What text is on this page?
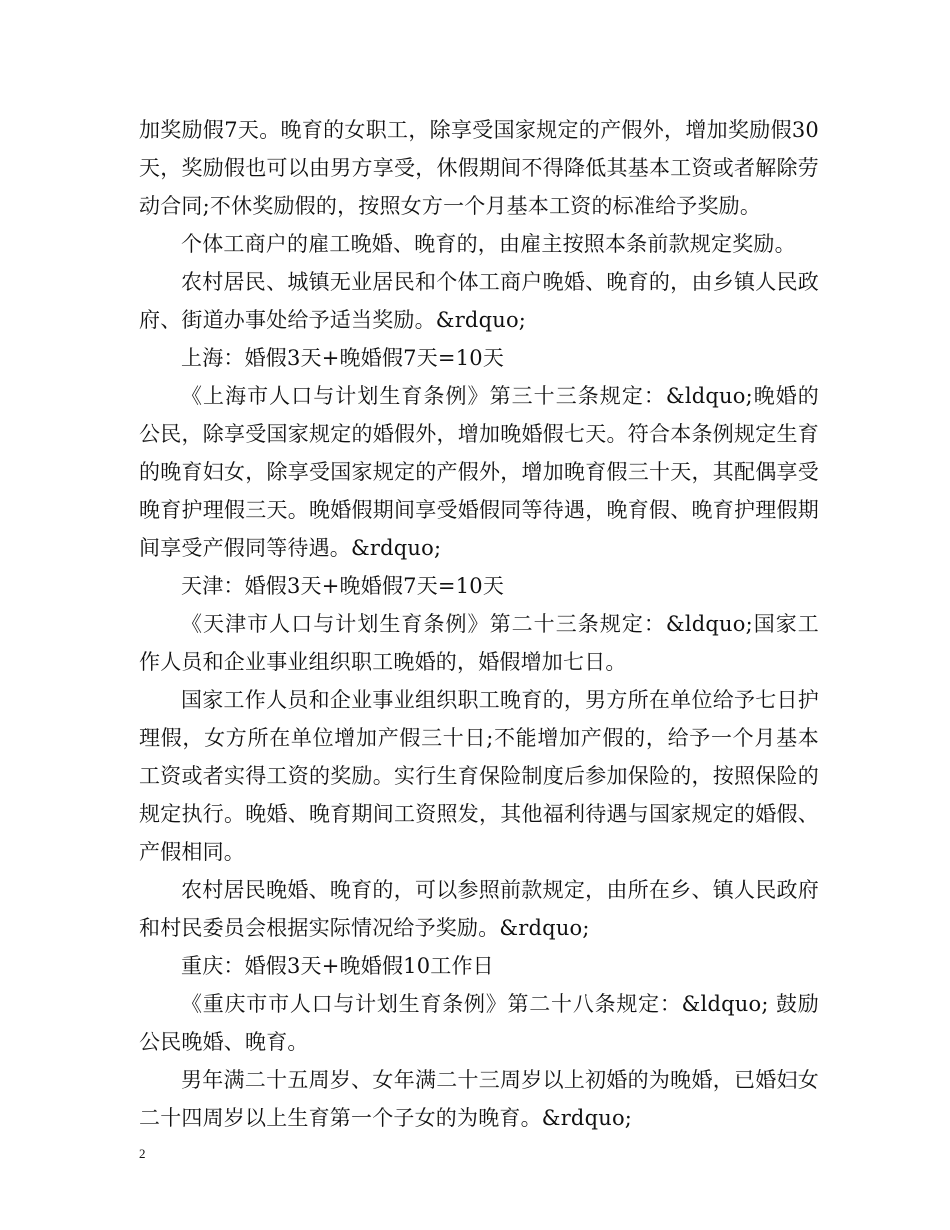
加奖励假7天。晚育的女职工，除享受国家规定的产假外，增加奖励假30天，奖励假也可以由男方享受，休假期间不得降低其基本工资或者解除劳动合同;不休奖励假的，按照女方一个月基本工资的标准给予奖励。

个体工商户的雇工晚婚、晚育的，由雇主按照本条前款规定奖励。

农村居民、城镇无业居民和个体工商户晚婚、晚育的，由乡镇人民政府、街道办事处给予适当奖励。&rdquo;

上海：婚假3天+晚婚假7天=10天

《上海市人口与计划生育条例》第三十三条规定：&ldquo;晚婚的公民，除享受国家规定的婚假外，增加晚婚假七天。符合本条例规定生育的晚育妇女，除享受国家规定的产假外，增加晚育假三十天，其配偶享受晚育护理假三天。晚婚假期间享受婚假同等待遇，晚育假、晚育护理假期间享受产假同等待遇。&rdquo;

天津：婚假3天+晚婚假7天=10天

《天津市人口与计划生育条例》第二十三条规定：&ldquo;国家工作人员和企业事业组织职工晚婚的，婚假增加七日。

国家工作人员和企业事业组织职工晚育的，男方所在单位给予七日护理假，女方所在单位增加产假三十日;不能增加产假的，给予一个月基本工资或者实得工资的奖励。实行生育保险制度后参加保险的，按照保险的规定执行。晚婚、晚育期间工资照发，其他福利待遇与国家规定的婚假、产假相同。

农村居民晚婚、晚育的，可以参照前款规定，由所在乡、镇人民政府和村民委员会根据实际情况给予奖励。&rdquo;

重庆：婚假3天+晚婚假10工作日

《重庆市市人口与计划生育条例》第二十八条规定：&ldquo; 鼓励公民晚婚、晚育。

男年满二十五周岁、女年满二十三周岁以上初婚的为晚婚，已婚妇女二十四周岁以上生育第一个子女的为晚育。&rdquo;

2
